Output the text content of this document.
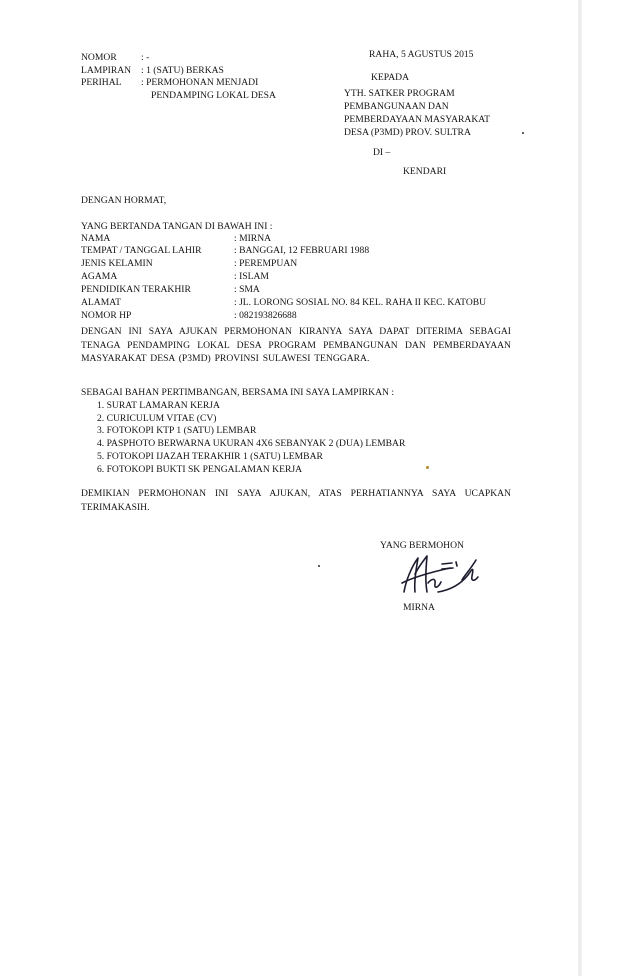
NOMOR	: -
LAMPIRAN : 1 (SATU) BERKAS
PERIHAL : PERMOHONAN MENJADI
PENDAMPING LOKAL DESA
RAHA, 5 AGUSTUS 2015
KEPADA
YTH. SATKER PROGRAM
PEMBANGUNAAN DAN
PEMBERDAYAAN MASYARAKAT
DESA (P3MD) PROV. SULTRA
DI –
KENDARI
DENGAN HORMAT,
YANG BERTANDA TANGAN DI BAWAH INI :
NAMA	: MIRNA
TEMPAT / TANGGAL LAHIR	: BANGGAI, 12 FEBRUARI 1988
JENIS KELAMIN	: PEREMPUAN
AGAMA	: ISLAM
PENDIDIKAN TERAKHIR	: SMA
ALAMAT	: JL. LORONG SOSIAL NO. 84 KEL. RAHA II KEC. KATOBU
NOMOR HP	: 082193826688

DENGAN INI SAYA AJUKAN PERMOHONAN KIRANYA SAYA DAPAT DITERIMA SEBAGAI TENAGA PENDAMPING LOKAL DESA PROGRAM PEMBANGUNAN DAN PEMBERDAYAAN MASYARAKAT DESA (P3MD) PROVINSI SULAWESI TENGGARA.

SEBAGAI BAHAN PERTIMBANGAN, BERSAMA INI SAYA LAMPIRKAN :
1. SURAT LAMARAN KERJA
2. CURICULUM VITAE (CV)
3. FOTOKOPI KTP 1 (SATU) LEMBAR
4. PASPHOTO BERWARNA UKURAN 4X6 SEBANYAK 2 (DUA) LEMBAR
5. FOTOKOPI IJAZAH TERAKHIR 1 (SATU) LEMBAR
6. FOTOKOPI BUKTI SK PENGALAMAN KERJA

DEMIKIAN PERMOHONAN INI SAYA AJUKAN, ATAS PERHATIANNYA SAYA UCAPKAN TERIMAKASIH.

YANG BERMOHON
MIRNA
